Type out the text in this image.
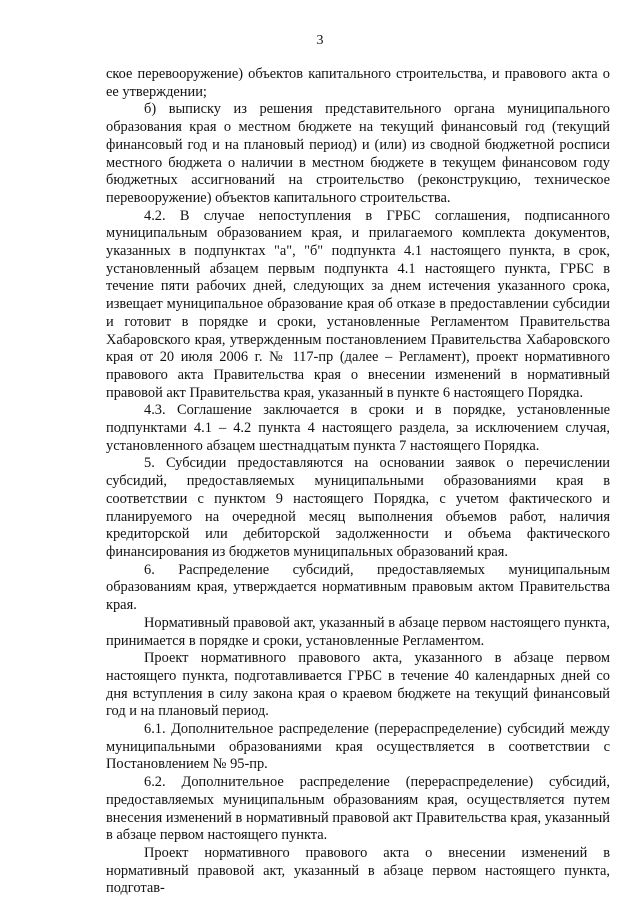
3

ское перевооружение) объектов капитального строительства, и правового акта о ее утверждении;

б) выписку из решения представительного органа муниципального образования края о местном бюджете на текущий финансовый год (текущий финансовый год и на плановый период) и (или) из сводной бюджетной росписи местного бюджета о наличии в местном бюджете в текущем финансовом году бюджетных ассигнований на строительство (реконструкцию, техническое перевооружение) объектов капитального строительства.

4.2. В случае непоступления в ГРБС соглашения, подписанного муниципальным образованием края, и прилагаемого комплекта документов, указанных в подпунктах "а", "б" подпункта 4.1 настоящего пункта, в срок, установленный абзацем первым подпункта 4.1 настоящего пункта, ГРБС в течение пяти рабочих дней, следующих за днем истечения указанного срока, извещает муниципальное образование края об отказе в предоставлении субсидии и готовит в порядке и сроки, установленные Регламентом Правительства Хабаровского края, утвержденным постановлением Правительства Хабаровского края от 20 июля 2006 г. № 117-пр (далее – Регламент), проект нормативного правового акта Правительства края о внесении изменений в нормативный правовой акт Правительства края, указанный в пункте 6 настоящего Порядка.

4.3. Соглашение заключается в сроки и в порядке, установленные подпунктами 4.1 – 4.2 пункта 4 настоящего раздела, за исключением случая, установленного абзацем шестнадцатым пункта 7 настоящего Порядка.

5. Субсидии предоставляются на основании заявок о перечислении субсидий, предоставляемых муниципальными образованиями края в соответствии с пунктом 9 настоящего Порядка, с учетом фактического и планируемого на очередной месяц выполнения объемов работ, наличия кредиторской или дебиторской задолженности и объема фактического финансирования из бюджетов муниципальных образований края.

6. Распределение субсидий, предоставляемых муниципальным образованиям края, утверждается нормативным правовым актом Правительства края.

Нормативный правовой акт, указанный в абзаце первом настоящего пункта, принимается в порядке и сроки, установленные Регламентом.

Проект нормативного правового акта, указанного в абзаце первом настоящего пункта, подготавливается ГРБС в течение 40 календарных дней со дня вступления в силу закона края о краевом бюджете на текущий финансовый год и на плановый период.

6.1. Дополнительное распределение (перераспределение) субсидий между муниципальными образованиями края осуществляется в соответствии с Постановлением № 95-пр.

6.2. Дополнительное распределение (перераспределение) субсидий, предоставляемых муниципальным образованиям края, осуществляется путем внесения изменений в нормативный правовой акт Правительства края, указанный в абзаце первом настоящего пункта.

Проект нормативного правового акта о внесении изменений в нормативный правовой акт, указанный в абзаце первом настоящего пункта, подготав-
